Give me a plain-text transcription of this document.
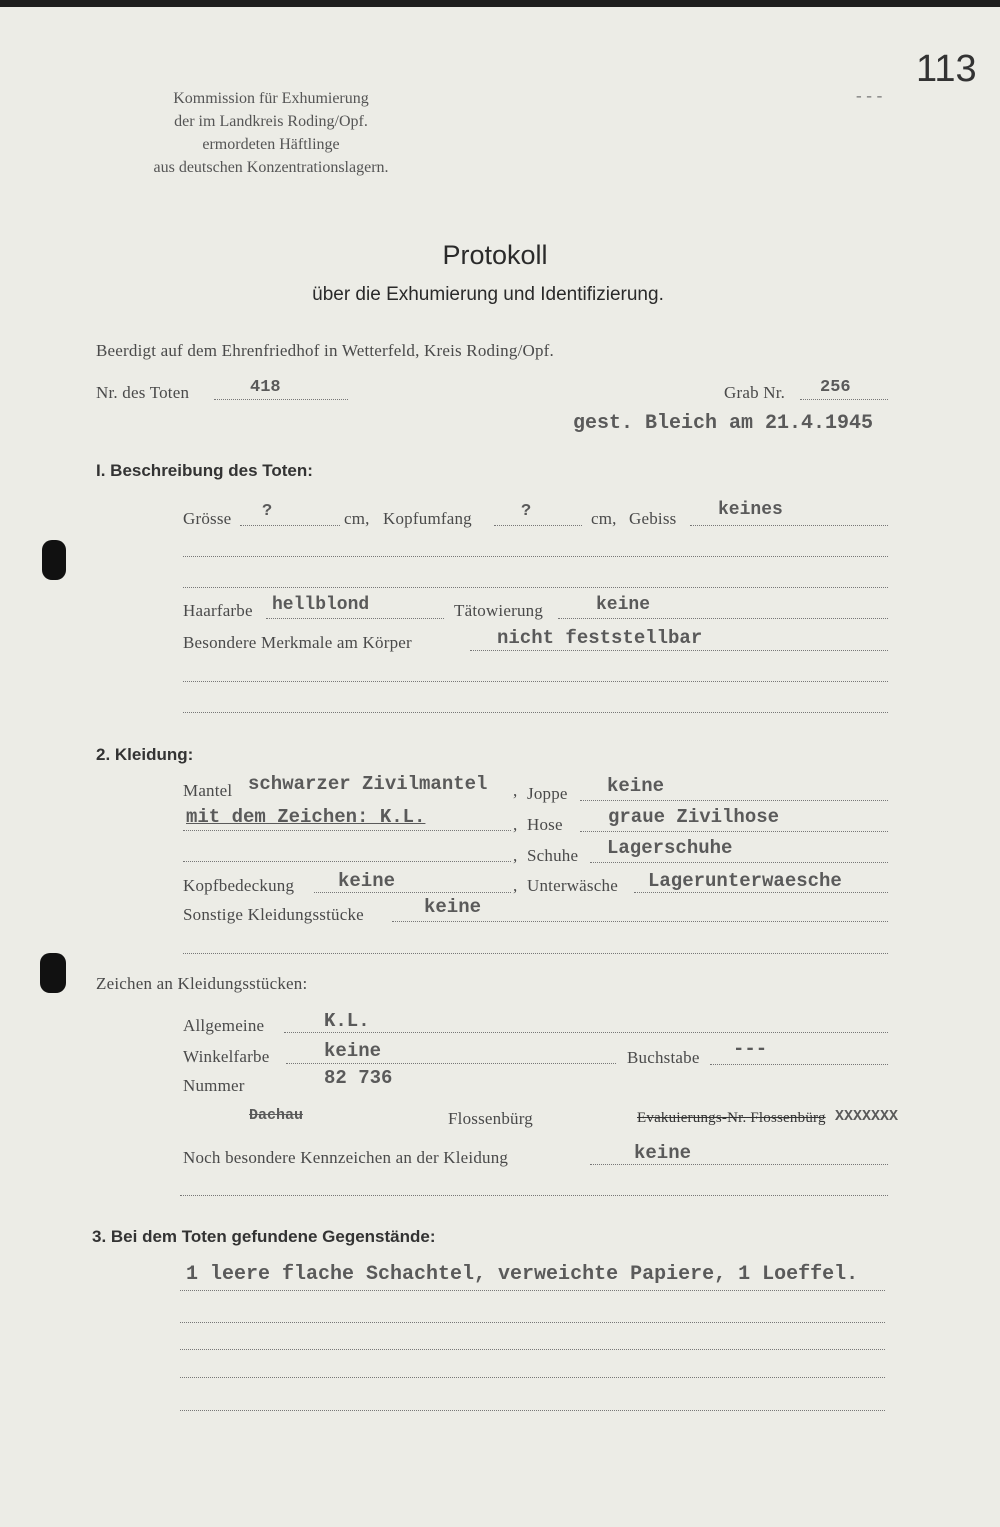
113
- - -
Kommission für Exhumierung
der im Landkreis Roding/Opf.
ermordeten Häftlinge
aus deutschen Konzentrationslagern.
Protokoll
über die Exhumierung und Identifizierung.
Beerdigt auf dem Ehrenfriedhof in Wetterfeld, Kreis Roding/Opf.
Nr. des Toten	418	Grab Nr. 256
gest. Bleich am 21.4.1945
I. Beschreibung des Toten:
Grösse ?	cm, Kopfumfang	?	cm, Gebiss keines
Haarfarbe hellblond	Tätowierung	keine
Besondere Merkmale am Körper	nicht feststellbar
2. Kleidung:
Mantel schwarzer Zivilmantel , Joppe keine
mit dem Zeichen: K.L.	, Hose graue Zivilhose
, Schuhe Lagerschuhe
Kopfbedeckung keine	, Unterwäsche Lagerunterwaesche
Sonstige Kleidungsstücke	keine
Zeichen an Kleidungsstücken:
Allgemeine	K.L.
Winkelfarbe	keine	Buchstabe ---
Nummer	82 736
Dachau	Flossenbürg	Evakuierungs-Nr. Flossenbürg XXXXXXX
Noch besondere Kennzeichen an der Kleidung	keine
3. Bei dem Toten gefundene Gegenstände:
1 leere flache Schachtel, verweichte Papiere, 1 Loeffel.
